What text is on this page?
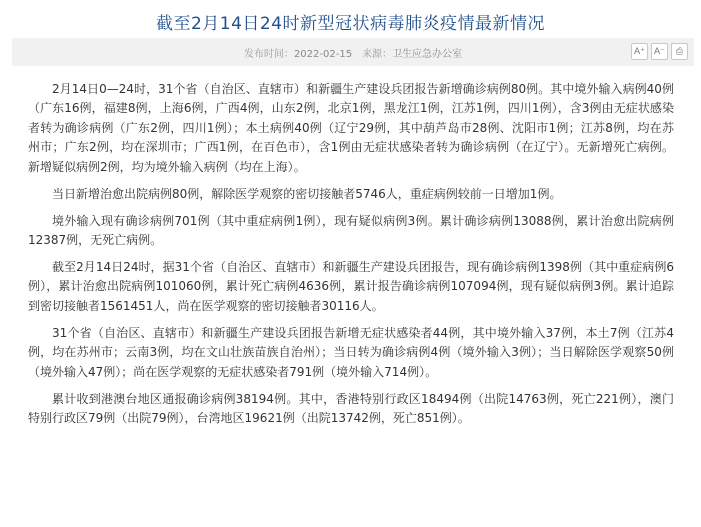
截至2月14日24时新型冠状病毒肺炎疫情最新情况
发布时间：2022-02-15 来源：卫生应急办公室	A⁺ A⁻ ⎙

2月14日0—24时，31个省（自治区、直辖市）和新疆生产建设兵团报告新增确诊病例80例。其中境外输入病例40例（广东16例，福建8例，上海6例，广西4例，山东2例，北京1例，黑龙江1例，江苏1例，四川1例），含3例由无症状感染者转为确诊病例（广东2例，四川1例）；本土病例40例（辽宁29例，其中葫芦岛市28例、沈阳市1例；江苏8例，均在苏州市；广东2例，均在深圳市；广西1例，在百色市），含1例由无症状感染者转为确诊病例（在辽宁）。无新增死亡病例。新增疑似病例2例，均为境外输入病例（均在上海）。

当日新增治愈出院病例80例，解除医学观察的密切接触者5746人，重症病例较前一日增加1例。

境外输入现有确诊病例701例（其中重症病例1例），现有疑似病例3例。累计确诊病例13088例，累计治愈出院病例12387例，无死亡病例。

截至2月14日24时，据31个省（自治区、直辖市）和新疆生产建设兵团报告，现有确诊病例1398例（其中重症病例6例），累计治愈出院病例101060例，累计死亡病例4636例，累计报告确诊病例107094例，现有疑似病例3例。累计追踪到密切接触者1561451人，尚在医学观察的密切接触者30116人。

31个省（自治区、直辖市）和新疆生产建设兵团报告新增无症状感染者44例，其中境外输入37例，本土7例（江苏4例，均在苏州市；云南3例，均在文山壮族苗族自治州）；当日转为确诊病例4例（境外输入3例）；当日解除医学观察50例（境外输入47例）；尚在医学观察的无症状感染者791例（境外输入714例）。

累计收到港澳台地区通报确诊病例38194例。其中，香港特别行政区18494例（出院14763例，死亡221例），澳门特别行政区79例（出院79例），台湾地区19621例（出院13742例，死亡851例）。
